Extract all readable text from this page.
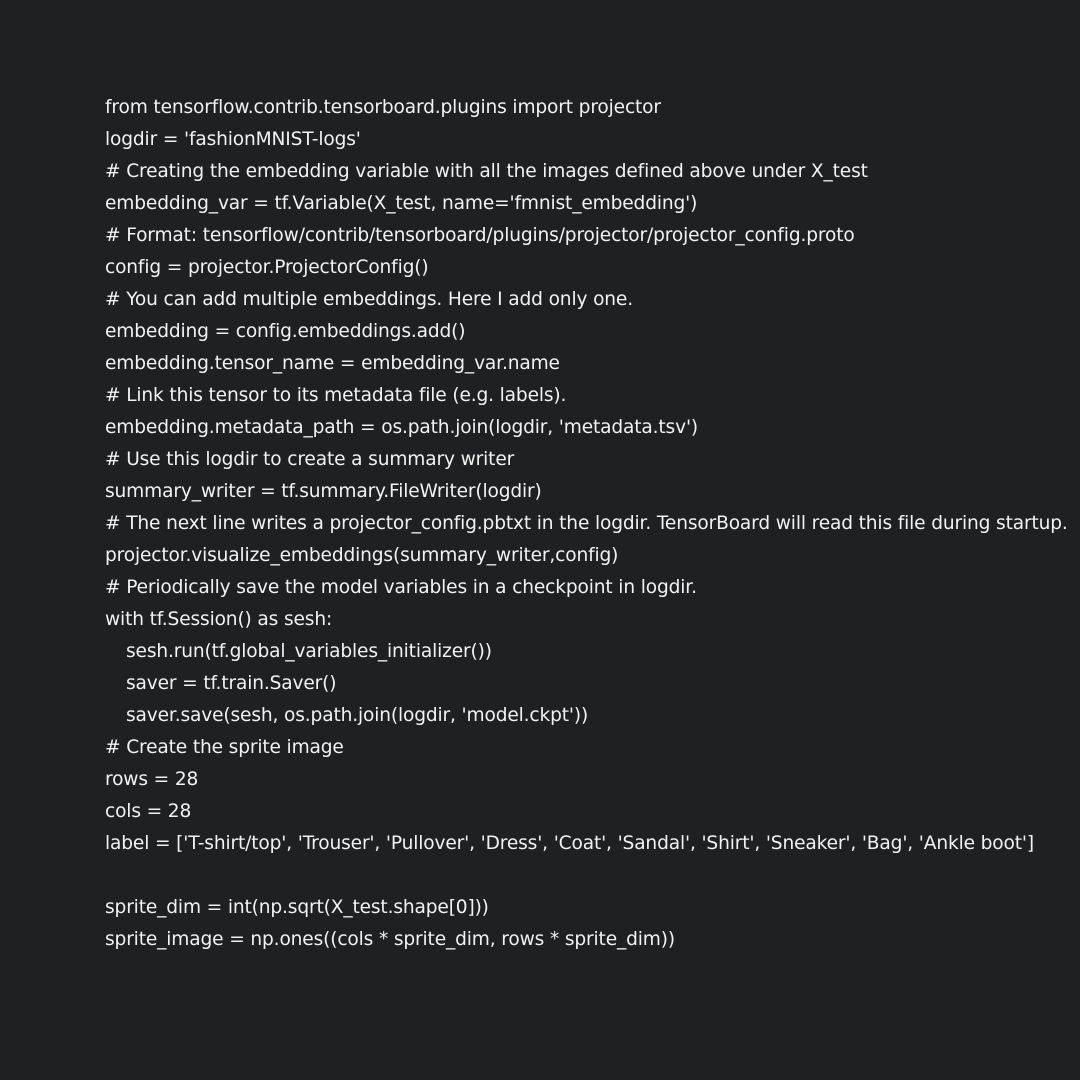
from tensorflow.contrib.tensorboard.plugins import projector
logdir = 'fashionMNIST-logs'
# Creating the embedding variable with all the images defined above under X_test
embedding_var = tf.Variable(X_test, name='fmnist_embedding')
# Format: tensorflow/contrib/tensorboard/plugins/projector/projector_config.proto
config = projector.ProjectorConfig()
# You can add multiple embeddings. Here I add only one.
embedding = config.embeddings.add()
embedding.tensor_name = embedding_var.name
# Link this tensor to its metadata file (e.g. labels).
embedding.metadata_path = os.path.join(logdir, 'metadata.tsv')
# Use this logdir to create a summary writer
summary_writer = tf.summary.FileWriter(logdir)
# The next line writes a projector_config.pbtxt in the logdir. TensorBoard will read this file during startup.
projector.visualize_embeddings(summary_writer,config)
# Periodically save the model variables in a checkpoint in logdir.
with tf.Session() as sesh:
sesh.run(tf.global_variables_initializer())
saver = tf.train.Saver()
saver.save(sesh, os.path.join(logdir, 'model.ckpt'))
# Create the sprite image
rows = 28
cols = 28
label = ['T-shirt/top', 'Trouser', 'Pullover', 'Dress', 'Coat', 'Sandal', 'Shirt', 'Sneaker', 'Bag', 'Ankle boot']
sprite_dim = int(np.sqrt(X_test.shape[0]))
sprite_image = np.ones((cols * sprite_dim, rows * sprite_dim))
